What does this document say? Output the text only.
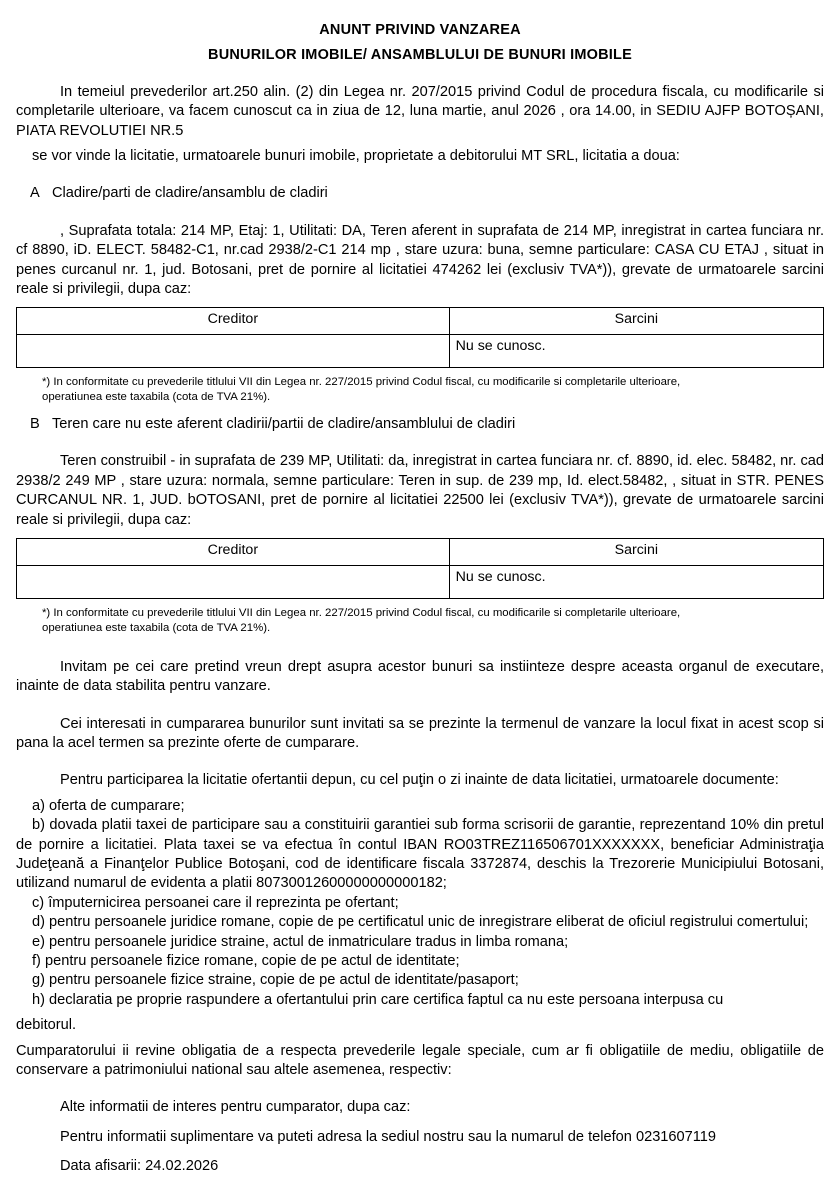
ANUNT PRIVIND VANZAREA
BUNURILOR IMOBILE/ ANSAMBLULUI DE BUNURI IMOBILE

In temeiul prevederilor art.250 alin. (2) din Legea nr. 207/2015 privind Codul de procedura fiscala, cu modificarile si completarile ulterioare, va facem cunoscut ca in ziua de 12, luna martie, anul 2026 , ora 14.00, in SEDIU AJFP BOTOȘANI, PIATA REVOLUTIEI NR.5

se vor vinde la licitatie, urmatoarele bunuri imobile, proprietate a debitorului MT SRL, licitatia a doua:

A Cladire/parti de cladire/ansamblu de cladiri

, Suprafata totala: 214 MP, Etaj: 1, Utilitati: DA, Teren aferent in suprafata de 214 MP, inregistrat in cartea funciara nr. cf 8890, iD. ELECT. 58482-C1, nr.cad 2938/2-C1 214 mp , stare uzura: buna, semne particulare: CASA CU ETAJ , situat in penes curcanul nr. 1, jud. Botosani, pret de pornire al licitatiei 474262 lei (exclusiv TVA*)), grevate de urmatoarele sarcini reale si privilegii, dupa caz:

Creditor	Sarcini
	Nu se cunosc.
*) In conformitate cu prevederile titlului VII din Legea nr. 227/2015 privind Codul fiscal, cu modificarile si completarile ulterioare,
operatiunea este taxabila (cota de TVA 21%).
B Teren care nu este aferent cladirii/partii de cladire/ansamblului de cladiri

Teren construibil - in suprafata de 239 MP, Utilitati: da, inregistrat in cartea funciara nr. cf. 8890, id. elec. 58482, nr. cad 2938/2 249 MP , stare uzura: normala, semne particulare: Teren in sup. de 239 mp, Id. elect.58482, , situat in STR. PENES CURCANUL NR. 1, JUD. bOTOSANI, pret de pornire al licitatiei 22500 lei (exclusiv TVA*)), grevate de urmatoarele sarcini reale si privilegii, dupa caz:

Creditor	Sarcini
	Nu se cunosc.
*) In conformitate cu prevederile titlului VII din Legea nr. 227/2015 privind Codul fiscal, cu modificarile si completarile ulterioare,
operatiunea este taxabila (cota de TVA 21%).

Invitam pe cei care pretind vreun drept asupra acestor bunuri sa instiinteze despre aceasta organul de executare, inainte de data stabilita pentru vanzare.

Cei interesati in cumpararea bunurilor sunt invitati sa se prezinte la termenul de vanzare la locul fixat in acest scop si pana la acel termen sa prezinte oferte de cumparare.

Pentru participarea la licitatie ofertantii depun, cu cel puţin o zi inainte de data licitatiei, urmatoarele documente:

a) oferta de cumparare;

b) dovada platii taxei de participare sau a constituirii garantiei sub forma scrisorii de garantie, reprezentand 10% din pretul de pornire a licitatiei. Plata taxei se va efectua în contul IBAN RO03TREZ116506701XXXXXXX, beneficiar Administraţia Judeţeană a Finanţelor Publice Botoşani, cod de identificare fiscala 3372874, deschis la Trezorerie Municipiului Botosani, utilizand numarul de evidenta a platii 80730012600000000000182;

c) împuternicirea persoanei care il reprezinta pe ofertant;

d) pentru persoanele juridice romane, copie de pe certificatul unic de inregistrare eliberat de oficiul registrului comertului;

e) pentru persoanele juridice straine, actul de inmatriculare tradus in limba romana;

f) pentru persoanele fizice romane, copie de pe actul de identitate;

g) pentru persoanele fizice straine, copie de pe actul de identitate/pasaport;

h) declaratia pe proprie raspundere a ofertantului prin care certifica faptul ca nu este persoana interpusa cu

debitorul.

Cumparatorului ii revine obligatia de a respecta prevederile legale speciale, cum ar fi obligatiile de mediu, obligatiile de conservare a patrimoniului national sau altele asemenea, respectiv:

Alte informatii de interes pentru cumparator, dupa caz:

Pentru informatii suplimentare va puteti adresa la sediul nostru sau la numarul de telefon 0231607119

Data afisarii: 24.02.2026
